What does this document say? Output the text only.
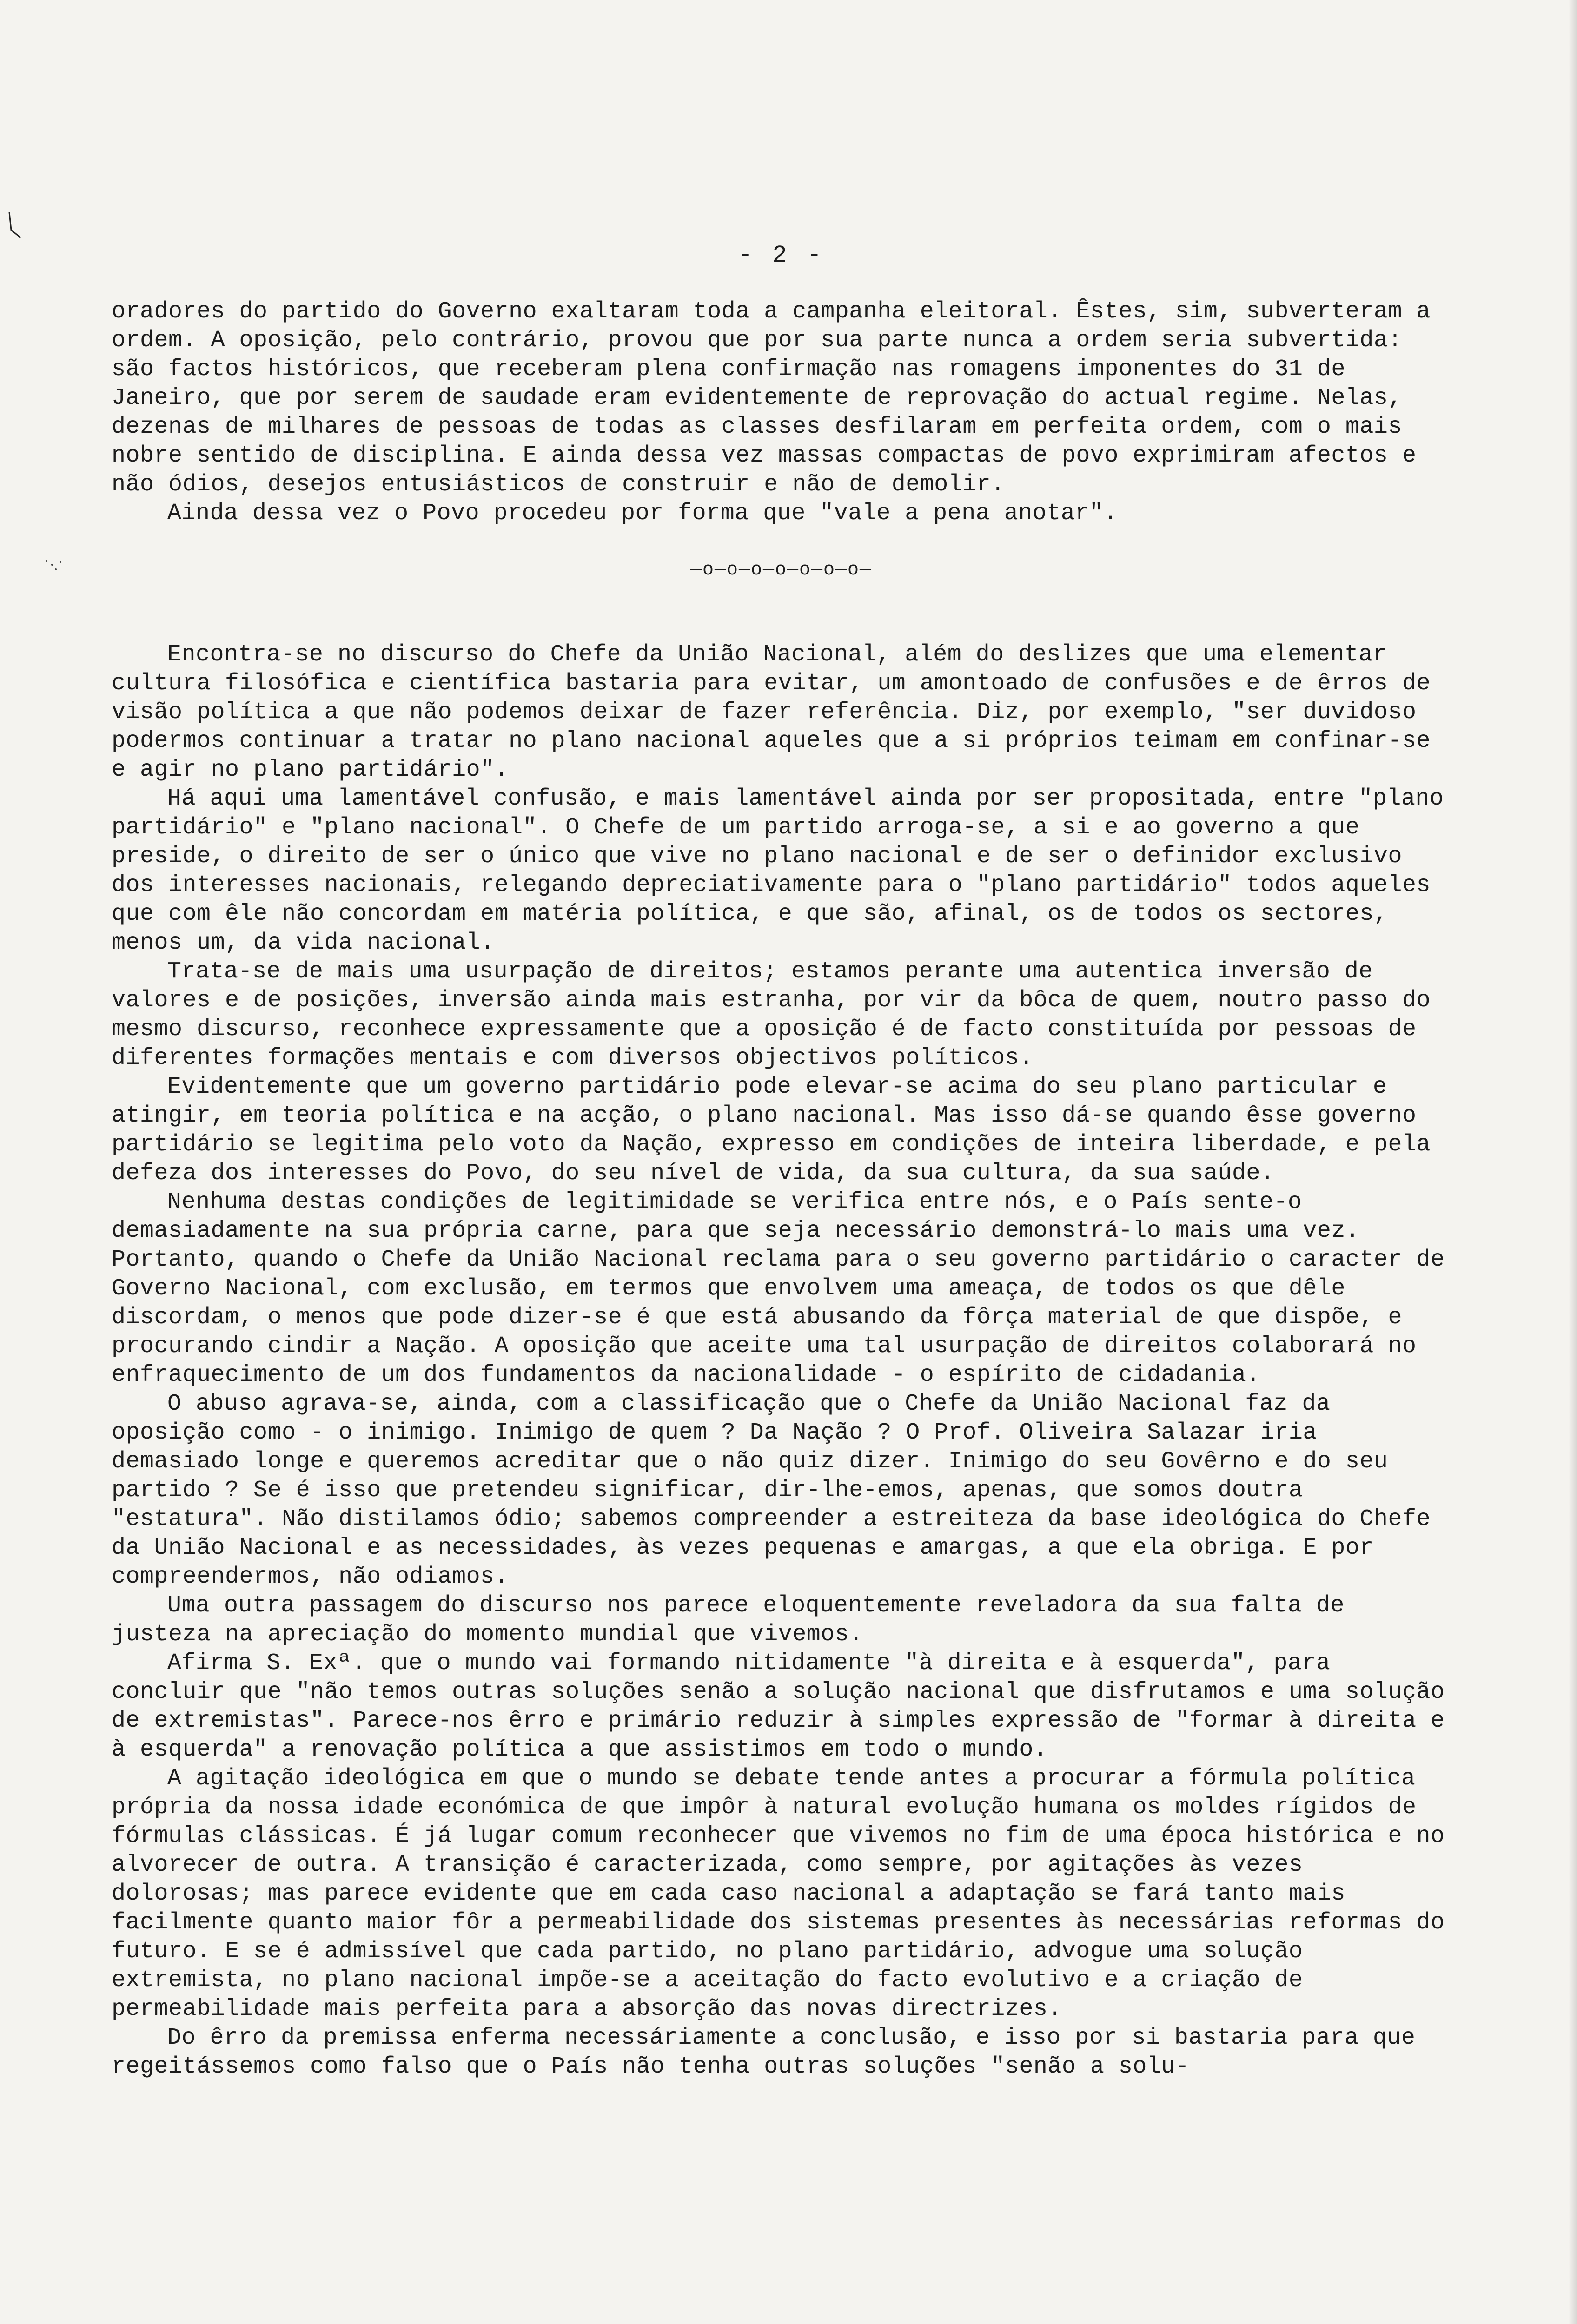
- 2 -

oradores do partido do Governo exaltaram toda a campanha eleitoral. Êstes, sim, subverteram a ordem. A oposição, pelo contrário, provou que por sua parte nunca a ordem seria subvertida: são factos históricos, que receberam plena confirmação nas romagens imponentes do 31 de Janeiro, que por serem de saudade eram evidentemente de reprovação do actual regime. Nelas, dezenas de milhares de pessoas de todas as classes desfilaram em perfeita ordem, com o mais nobre sentido de disciplina. E ainda dessa vez massas compactas de povo exprimiram afectos e não ódios, desejos entusiásticos de construir e não de demolir.

Ainda dessa vez o Povo procedeu por forma que "vale a pena anotar".

—o—o—o—o—o—o—o—

Encontra-se no discurso do Chefe da União Nacional, além do deslizes que uma elementar cultura filosófica e científica bastaria para evitar, um amontoado de confusões e de êrros de visão política a que não podemos deixar de fazer referência. Diz, por exemplo, "ser duvidoso podermos continuar a tratar no plano nacional aqueles que a si próprios teimam em confinar-se e agir no plano partidário".

Há aqui uma lamentável confusão, e mais lamentável ainda por ser propositada, entre "plano partidário" e "plano nacional". O Chefe de um partido arroga-se, a si e ao governo a que preside, o direito de ser o único que vive no plano nacional e de ser o definidor exclusivo dos interesses nacionais, relegando depreciativamente para o "plano partidário" todos aqueles que com êle não concordam em matéria política, e que são, afinal, os de todos os sectores, menos um, da vida nacional.

Trata-se de mais uma usurpação de direitos; estamos perante uma autentica inversão de valores e de posições, inversão ainda mais estranha, por vir da bôca de quem, noutro passo do mesmo discurso, reconhece expressamente que a oposição é de facto constituída por pessoas de diferentes formações mentais e com diversos objectivos políticos.

Evidentemente que um governo partidário pode elevar-se acima do seu plano particular e atingir, em teoria política e na acção, o plano nacional. Mas isso dá-se quando êsse governo partidário se legitima pelo voto da Nação, expresso em condições de inteira liberdade, e pela defeza dos interesses do Povo, do seu nível de vida, da sua cultura, da sua saúde.

Nenhuma destas condições de legitimidade se verifica entre nós, e o País sente-o demasiadamente na sua própria carne, para que seja necessário demonstrá-lo mais uma vez. Portanto, quando o Chefe da União Nacional reclama para o seu governo partidário o caracter de Governo Nacional, com exclusão, em termos que envolvem uma ameaça, de todos os que dêle discordam, o menos que pode dizer-se é que está abusando da fôrça material de que dispõe, e procurando cindir a Nação. A oposição que aceite uma tal usurpação de direitos colaborará no enfraquecimento de um dos fundamentos da nacionalidade - o espírito de cidadania.

O abuso agrava-se, ainda, com a classificação que o Chefe da União Nacional faz da oposição como - o inimigo. Inimigo de quem ? Da Nação ? O Prof. Oliveira Salazar iria demasiado longe e queremos acreditar que o não quiz dizer. Inimigo do seu Govêrno e do seu partido ? Se é isso que pretendeu significar, dir-lhe-emos, apenas, que somos doutra "estatura". Não distilamos ódio; sabemos compreender a estreiteza da base ideológica do Chefe da União Nacional e as necessidades, às vezes pequenas e amargas, a que ela obriga. E por compreendermos, não odiamos.

Uma outra passagem do discurso nos parece eloquentemente reveladora da sua falta de justeza na apreciação do momento mundial que vivemos.

Afirma S. Exª. que o mundo vai formando nitidamente "à direita e à esquerda", para concluir que "não temos outras soluções senão a solução nacional que disfrutamos e uma solução de extremistas". Parece-nos êrro e primário reduzir à simples expressão de "formar à direita e à esquerda" a renovação política a que assistimos em todo o mundo.

A agitação ideológica em que o mundo se debate tende antes a procurar a fórmula política própria da nossa idade económica de que impôr à natural evolução humana os moldes rígidos de fórmulas clássicas. É já lugar comum reconhecer que vivemos no fim de uma época histórica e no alvorecer de outra. A transição é caracterizada, como sempre, por agitações às vezes dolorosas; mas parece evidente que em cada caso nacional a adaptação se fará tanto mais facilmente quanto maior fôr a permeabilidade dos sistemas presentes às necessárias reformas do futuro. E se é admissível que cada partido, no plano partidário, advogue uma solução extremista, no plano nacional impõe-se a aceitação do facto evolutivo e a criação de permeabilidade mais perfeita para a absorção das novas directrizes.

Do êrro da premissa enferma necessáriamente a conclusão, e isso por si bastaria para que regeitássemos como falso que o País não tenha outras soluções "senão a solu-
